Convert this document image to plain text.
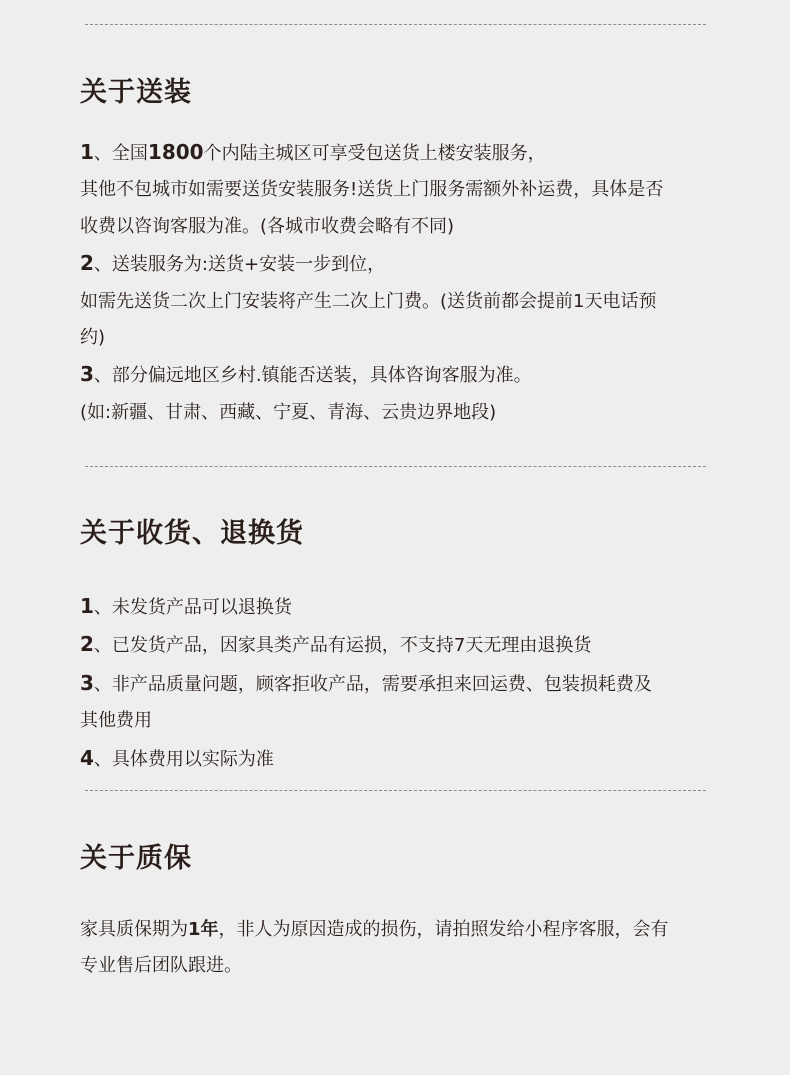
关于送装

1、全国1800个内陆主城区可享受包送货上楼安装服务，

其他不包城市如需要送货安装服务!送货上门服务需额外补运费，具体是否

收费以咨询客服为准。(各城市收费会略有不同)

2、送装服务为:送货+安装一步到位，

如需先送货二次上门安装将产生二次上门费。(送货前都会提前1天电话预

约)

3、部分偏远地区乡村.镇能否送装，具体咨询客服为准。

(如:新疆、甘肃、西藏、宁夏、青海、云贵边界地段)

关于收货、退换货

1、未发货产品可以退换货

2、已发货产品，因家具类产品有运损，不支持7天无理由退换货

3、非产品质量问题，顾客拒收产品，需要承担来回运费、包装损耗费及

其他费用

4、具体费用以实际为准

关于质保

家具质保期为1年，非人为原因造成的损伤，请拍照发给小程序客服，会有

专业售后团队跟进。
